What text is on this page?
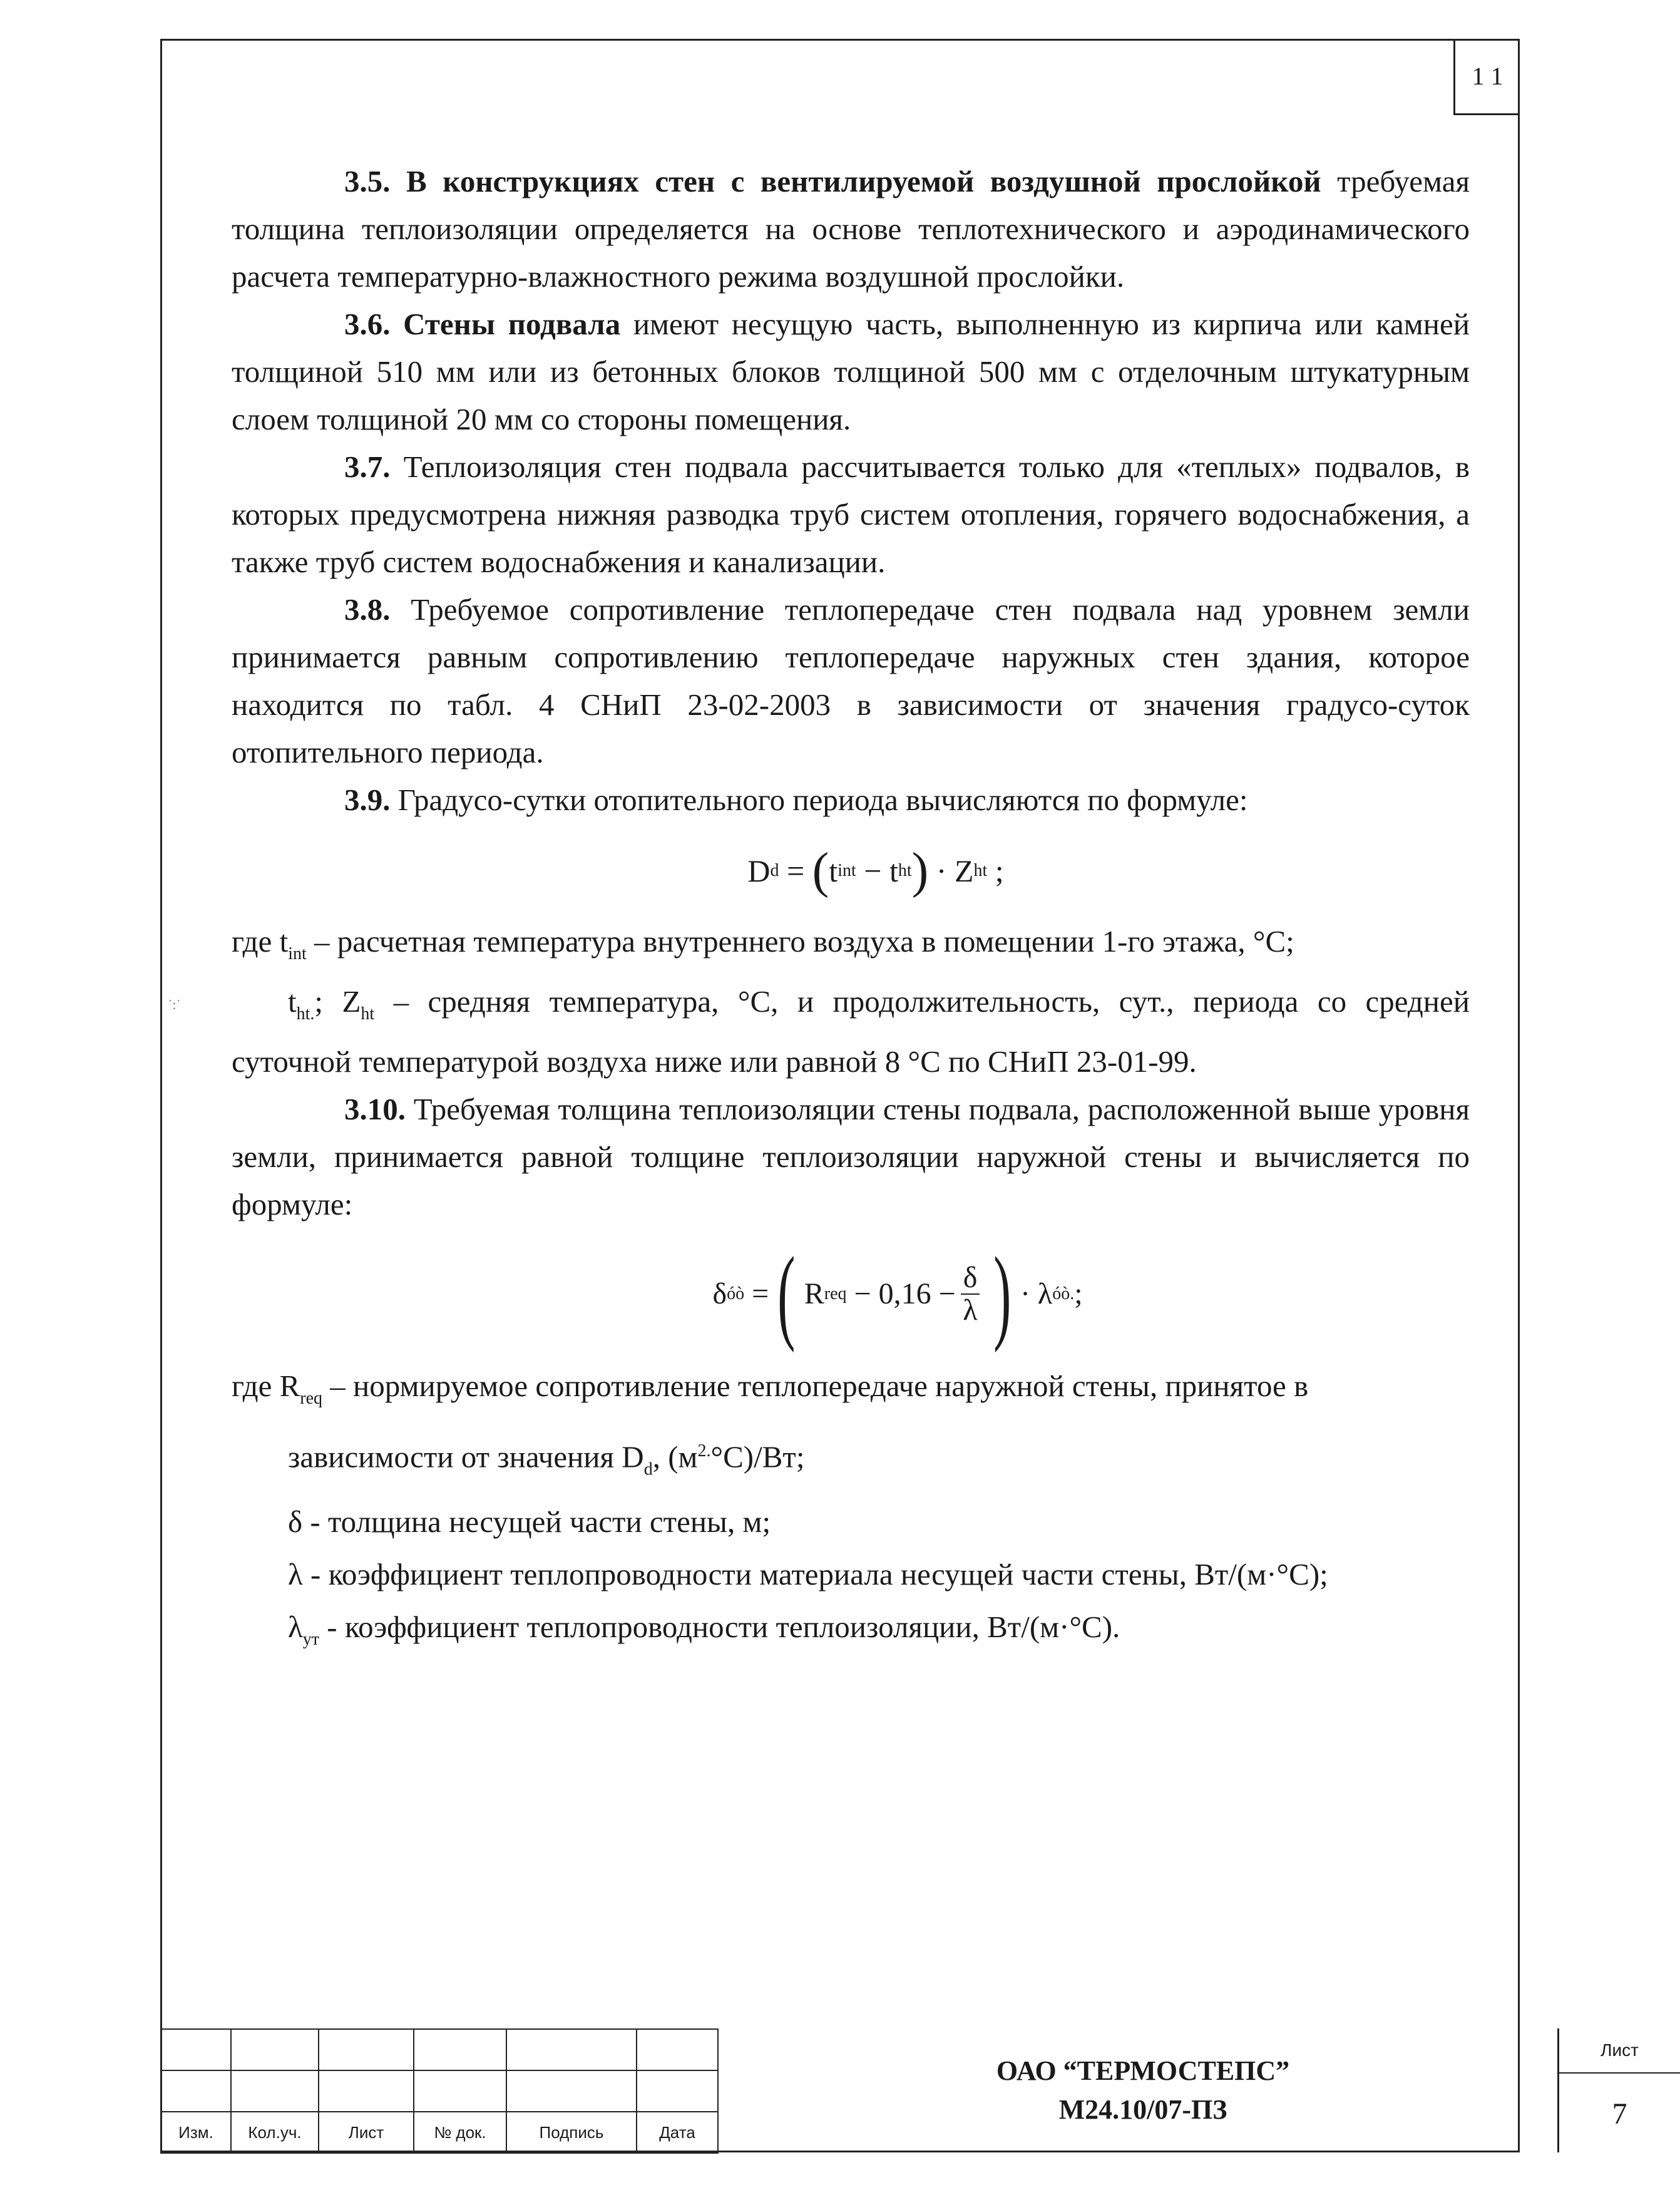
1 1
˙:˙

3.5. В конструкциях стен с вентилируемой воздушной прослойкой требуемая толщина теплоизоляции определяется на основе теплотехнического и аэродинамического расчета температурно-влажностного режима воздушной прослойки.

3.6. Стены подвала имеют несущую часть, выполненную из кирпича или камней толщиной 510 мм или из бетонных блоков толщиной 500 мм с отделочным штукатурным слоем толщиной 20 мм со стороны помещения.

3.7. Теплоизоляция стен подвала рассчитывается только для «теплых» подвалов, в которых предусмотрена нижняя разводка труб систем отопления, горячего водоснабжения, а также труб систем водоснабжения и канализации.

3.8. Требуемое сопротивление теплопередаче стен подвала над уровнем земли принимается равным сопротивлению теплопередаче наружных стен здания, которое находится по табл. 4 СНиП 23-02-2003 в зависимости от значения градусо-суток отопительного периода.

3.9. Градусо-сутки отопительного периода вычисляются по формуле:

D d
=
( t int
−
t ht )
·
Z ht
;

где $t_{int}$ – расчетная температура внутреннего воздуха в помещении 1-го этажа, °С;

$t_{ht.}$; $Z_{ht}$ – средняя температура, °С, и продолжительность, сут., периода со средней суточной температурой воздуха ниже или равной 8 °С по СНиП 23-01-99.

3.10. Требуемая толщина теплоизоляции стены подвала, расположенной выше уровня земли, принимается равной толщине теплоизоляции наружной стены и вычисляется по формуле:

δ óò
= ( R req
− $0,16 - \frac{\delta}{\lambda}$ ) ·
λ óò. ;

где $R_{req}$ – нормируемое сопротивление теплопередаче наружной стены, принятое в

зависимости от значения $D_d$, $(м^{2.}^\circ С)/Вт$;

δ - толщина несущей части стены, м;

λ - коэффициент теплопроводности материала несущей части стены, Вт/(м·°С);

$\lambda_{ут}$ - коэффициент теплопроводности теплоизоляции, Вт/(м·°С).

Изм.	Кол.уч.	Лист	№ док.	Подпись	Дата
ОАО “ТЕРМОСТЕПС”
М24.10/07-ПЗ
Лист
7
